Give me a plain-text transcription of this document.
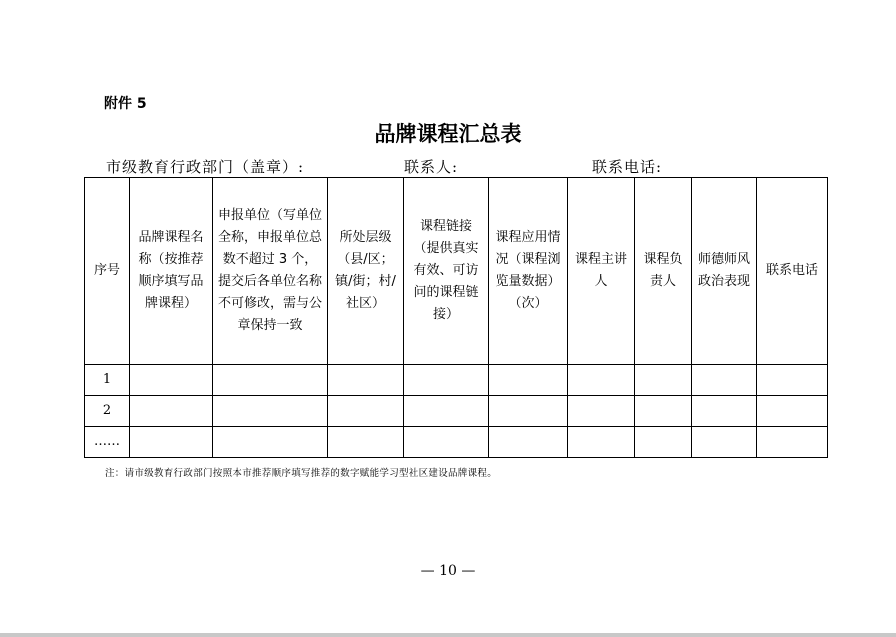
附件 5
品牌课程汇总表
市级教育行政部门（盖章）:	联系人:	联系电话:
序号	品牌课程名称（按推荐顺序填写品牌课程）	申报单位（写单位全称，申报单位总数不超过 3 个，提交后各单位名称不可修改，需与公章保持一致	所处层级（县/区；镇/街；村/社区）	课程链接（提供真实有效、可访问的课程链接）	课程应用情况（课程浏览量数据）（次）	课程主讲人	课程负责人	师德师风政治表现	联系电话
1									
2									
……									
注：请市级教育行政部门按照本市推荐顺序填写推荐的数字赋能学习型社区建设品牌课程。
— 10 —
